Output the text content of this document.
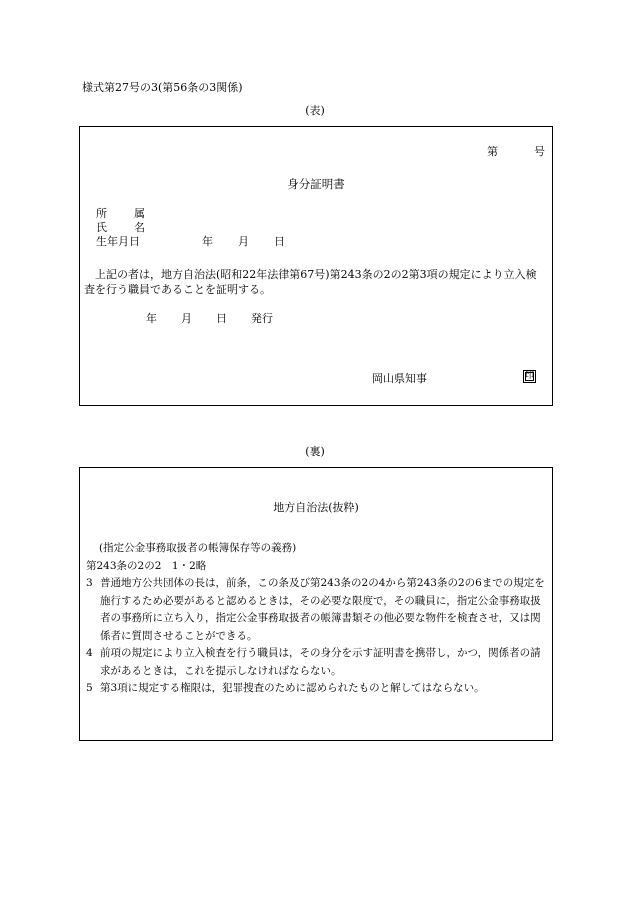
様式第27号の3(第56条の3関係)
(表)
第	号
身分証明書
所　属
氏　名
生年月日	年 月 日

上記の者は，地方自治法(昭和22年法律第67号)第243条の2の2第3項の規定により立入検

査を行う職員であることを証明する。
年 月 日 発行
岡山県知事	印
(裏)
地方自治法(抜粋)
(指定公金事務取扱者の帳簿保存等の義務)
第243条の2の2　1・2略
3 普通地方公共団体の長は，前条，この条及び第243条の2の4から第243条の2の6までの規定を施行するため必要があると認めるときは，その必要な限度で，その職員に，指定公金事務取扱者の事務所に立ち入り，指定公金事務取扱者の帳簿書類その他必要な物件を検査させ，又は関係者に質問させることができる。
4 前項の規定により立入検査を行う職員は，その身分を示す証明書を携帯し，かつ，関係者の請求があるときは，これを提示しなければならない。
5 第3項に規定する権限は，犯罪捜査のために認められたものと解してはならない。
